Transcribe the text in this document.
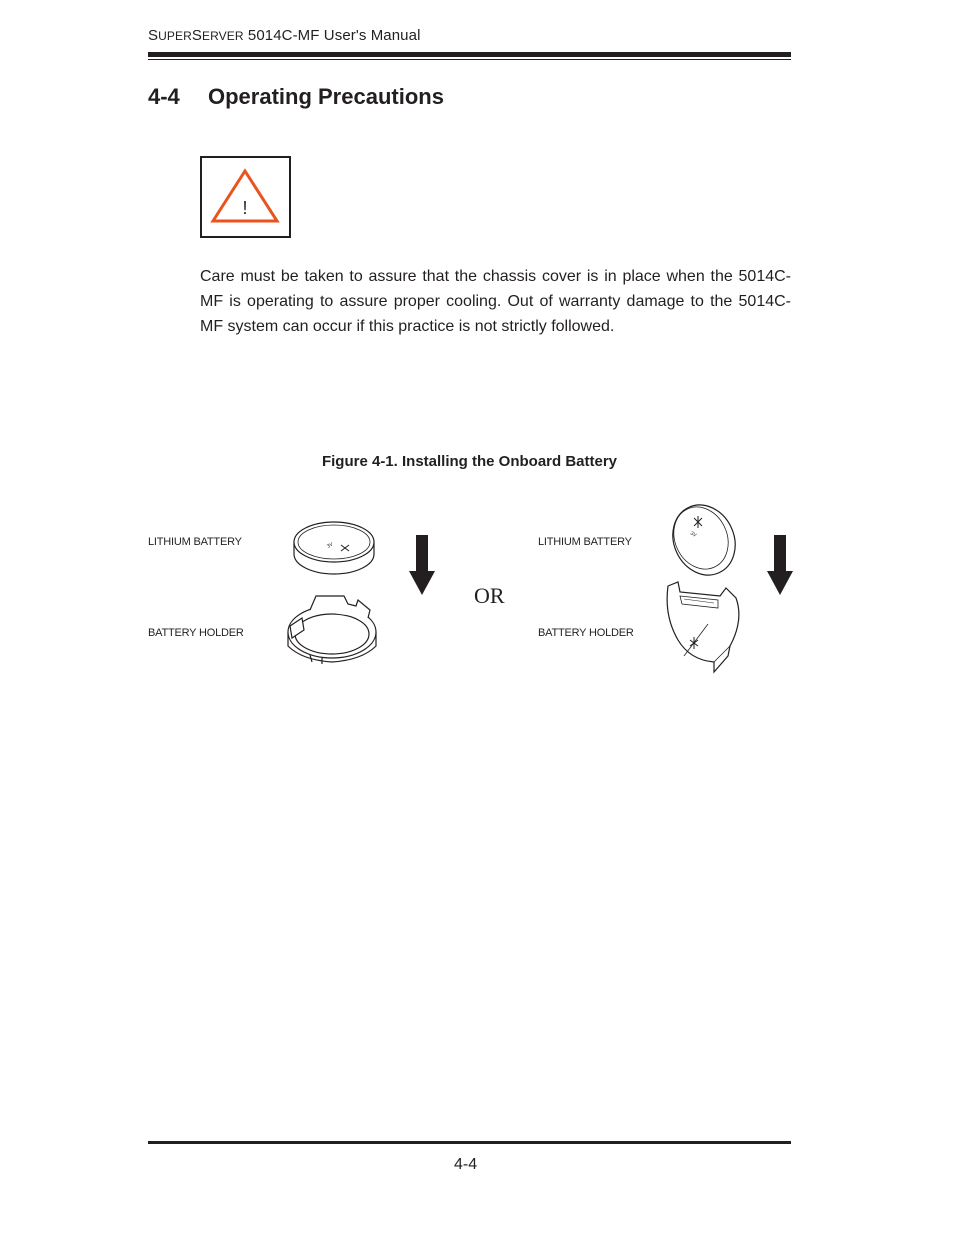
SUPERSERVER 5014C-MF User's Manual
4-4 Operating Precautions
!
Care must be taken to assure that the chassis cover is in place when the 5014C-MF is operating to assure proper cooling. Out of warranty damage to the 5014C-MF system can occur if this practice is not strictly followed.
Figure 4-1. Installing the Onboard Battery
LITHIUM BATTERY
BATTERY HOLDER
3V
OR
LITHIUM BATTERY
BATTERY HOLDER
3V
4-4
